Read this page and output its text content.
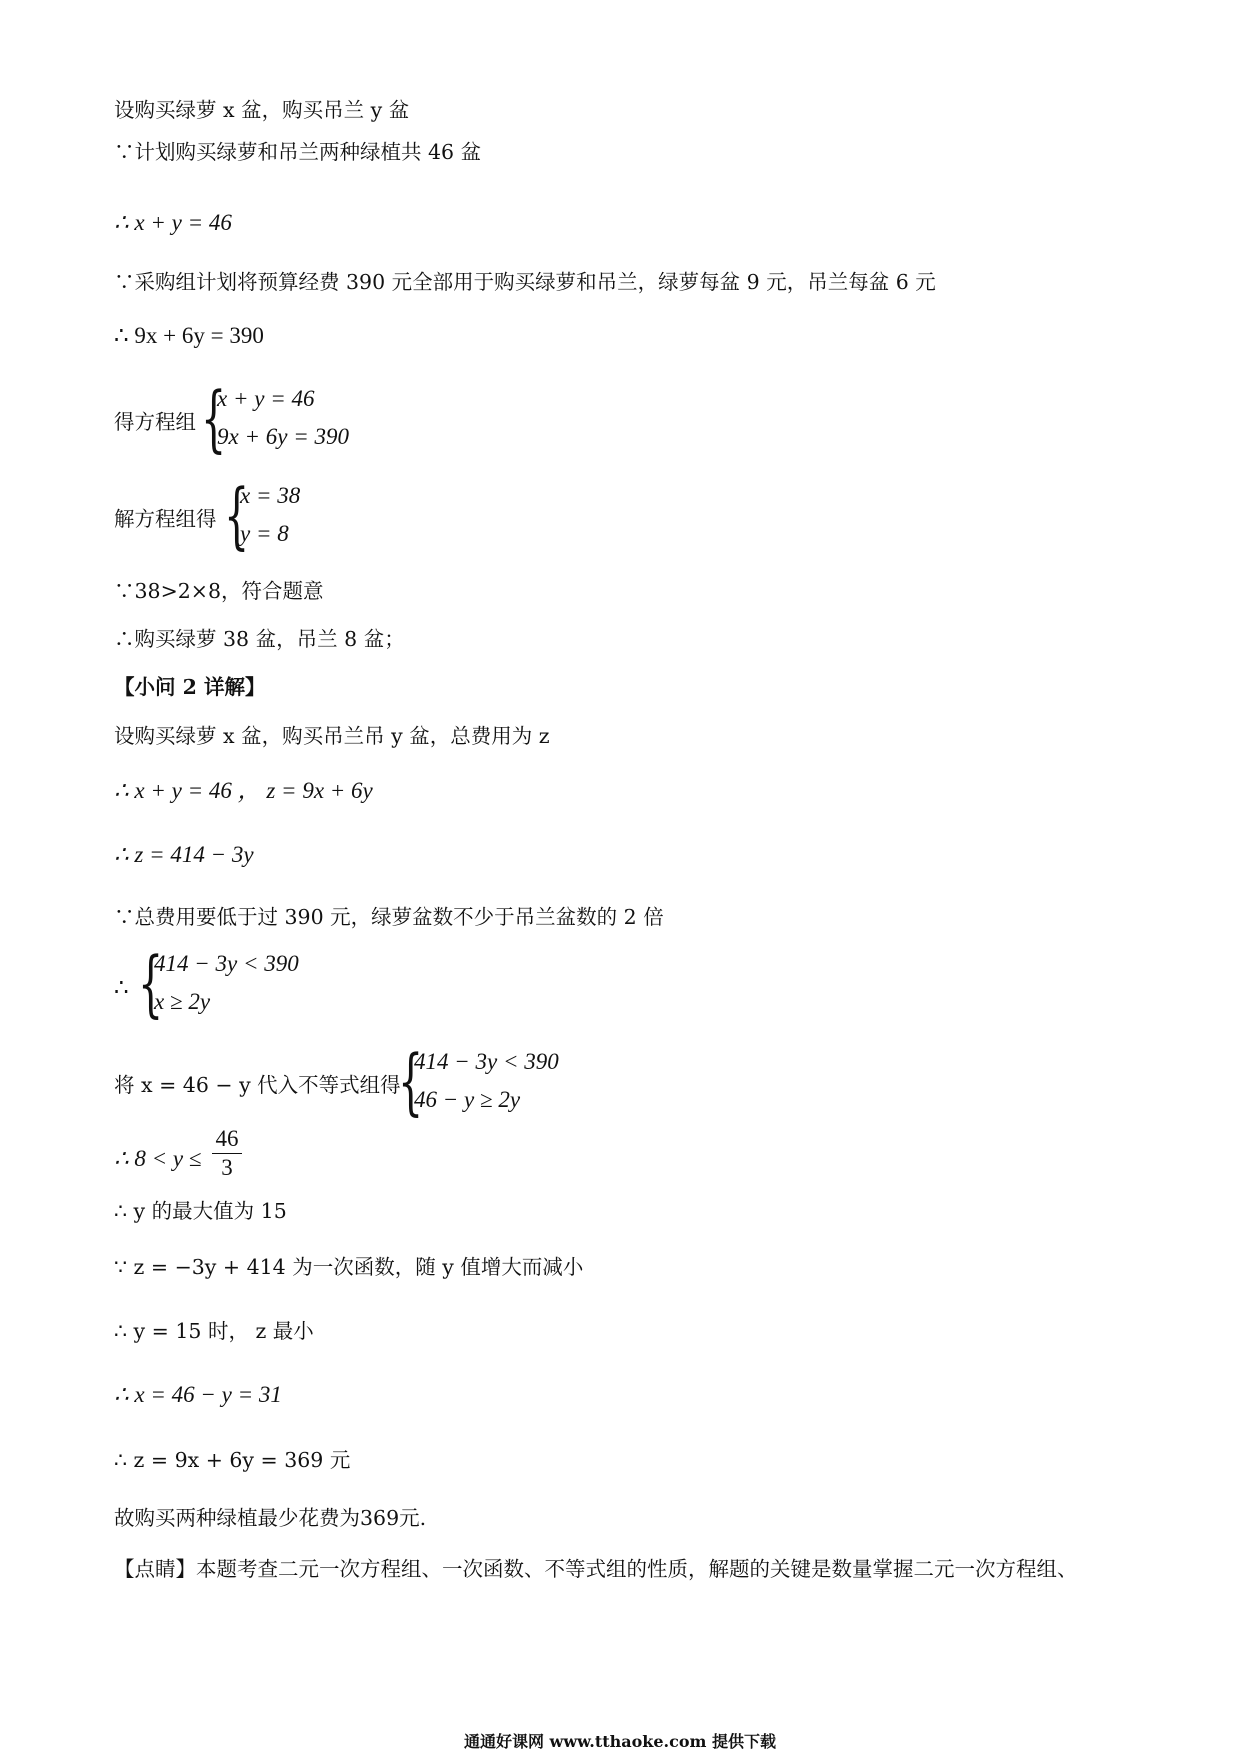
设购买绿萝 x 盆，购买吊兰 y 盆
∵计划购买绿萝和吊兰两种绿植共 46 盆
∴ x + y = 46
∵采购组计划将预算经费 390 元全部用于购买绿萝和吊兰，绿萝每盆 9 元，吊兰每盆 6 元
∴ 9x + 6y = 390
得方程组 {
x + y = 46
9x + 6y = 390
解方程组得 {
x = 38
y = 8
∵38>2×8，符合题意
∴购买绿萝 38 盆，吊兰 8 盆；
【小问 2 详解】
设购买绿萝 x 盆，购买吊兰吊 y 盆，总费用为 z
∴ x + y = 46 ， z = 9x + 6y
∴ z = 414 − 3y
∵总费用要低于过 390 元，绿萝盆数不少于吊兰盆数的 2 倍
∴ {
414 − 3y < 390
x ≥ 2y
将 x = 46 − y 代入不等式组得
{
414 − 3y < 390
46 − y ≥ 2y
∴ 8 < y ≤
46
3
∴ y 的最大值为 15
∵ z = −3y + 414 为一次函数，随 y 值增大而减小
∴ y = 15 时， z 最小
∴ x = 46 − y = 31
∴ z = 9x + 6y = 369 元
故购买两种绿植最少花费为369元.
【点睛】本题考查二元一次方程组、一次函数、不等式组的性质，解题的关键是数量掌握二元一次方程组、
通通好课网 www.tthaoke.com 提供下载
